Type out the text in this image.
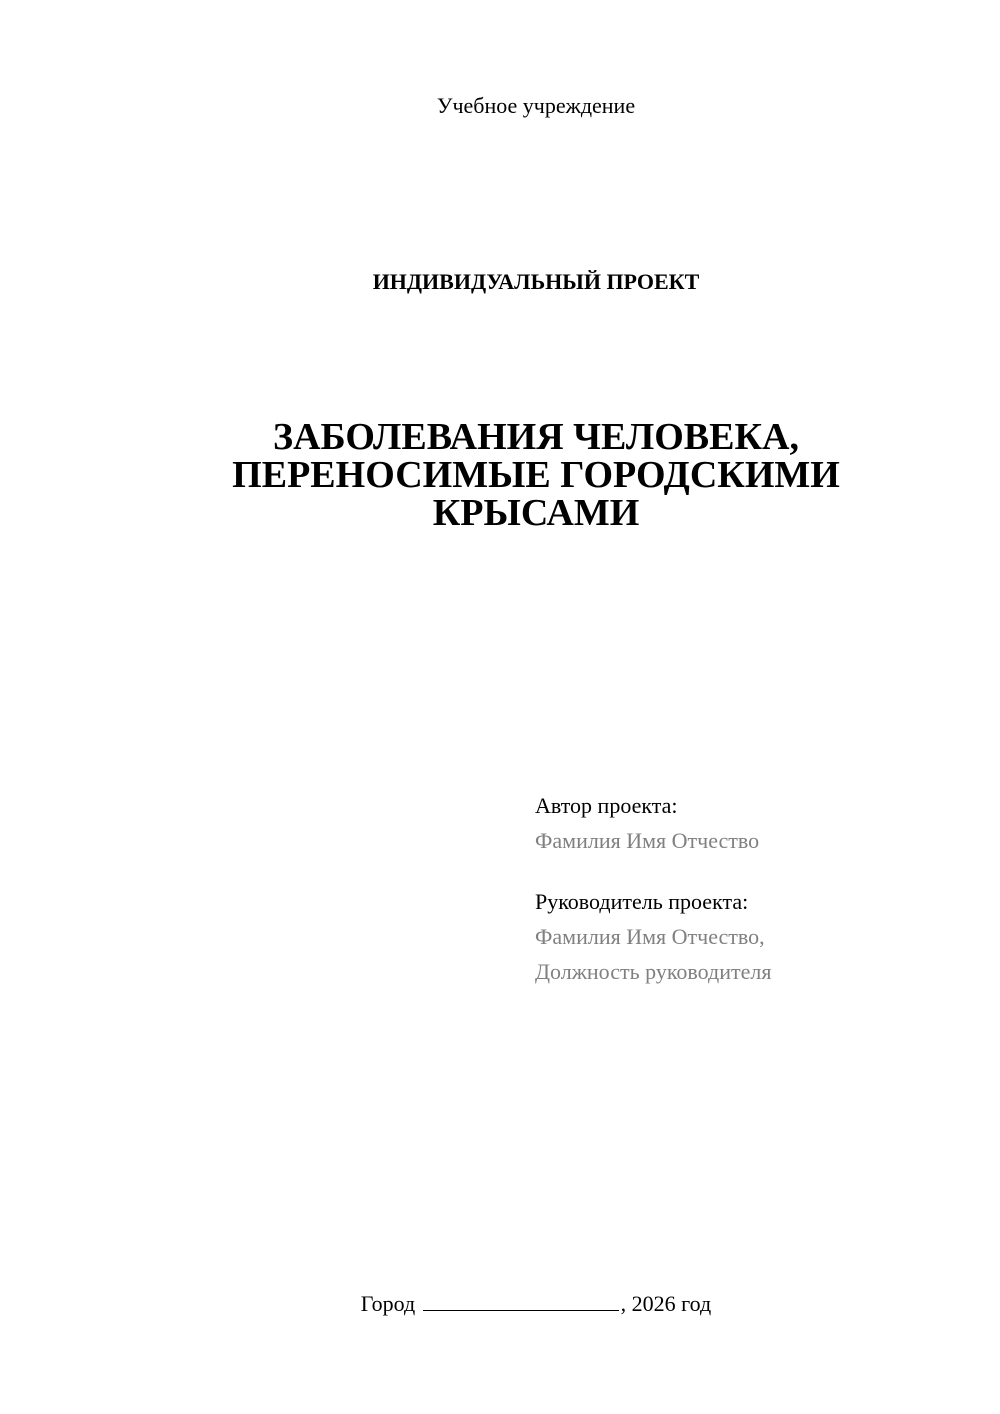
Учебное учреждение
ИНДИВИДУАЛЬНЫЙ ПРОЕКТ
ЗАБОЛЕВАНИЯ ЧЕЛОВЕКА,
ПЕРЕНОСИМЫЕ ГОРОДСКИМИ
КРЫСАМИ
Автор проекта:
Фамилия Имя Отчество
Руководитель проекта:
Фамилия Имя Отчество,
Должность руководителя
Город	, 2026 год
